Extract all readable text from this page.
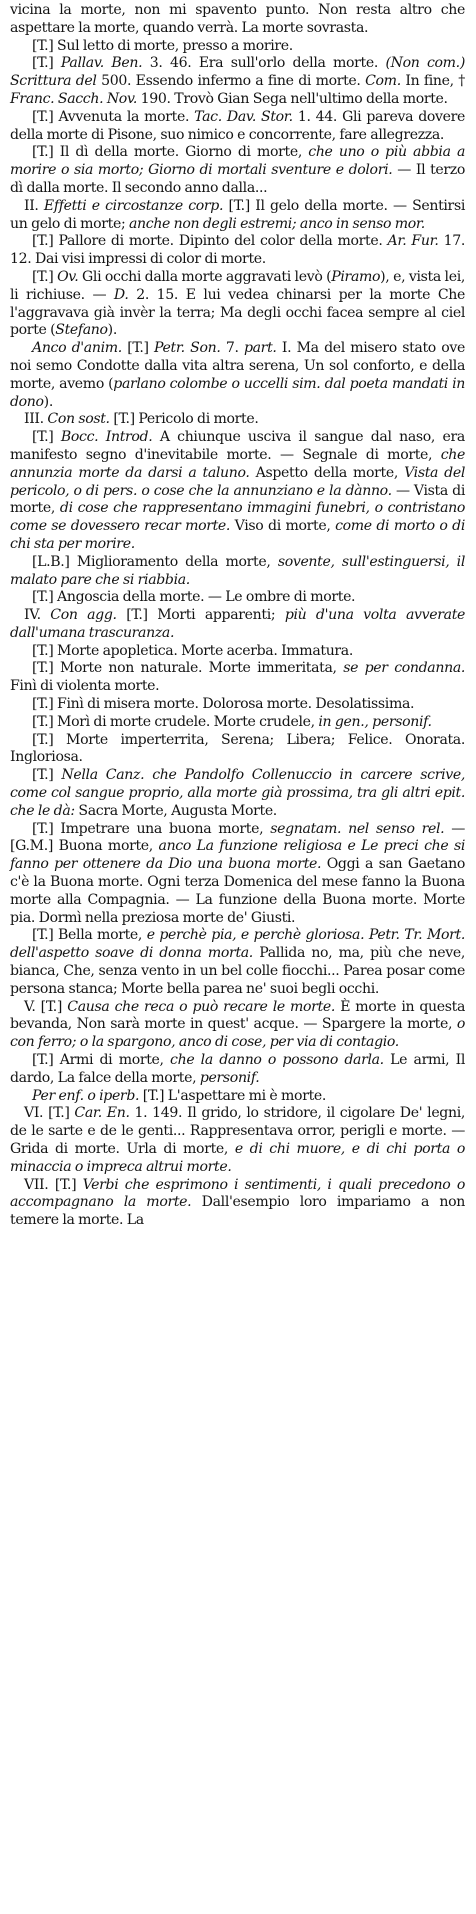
vicina la morte, non mi spavento punto. Non resta altro che aspettare la morte, quando verrà. La morte sovrasta.

[T.] Sul letto di morte, presso a morire.

[T.] Pallav. Ben. 3. 46. Era sull'orlo della morte. (Non com.) Scrittura del 500. Essendo infermo a fine di morte. Com. In fine, † Franc. Sacch. Nov. 190. Trovò Gian Sega nell'ultimo della morte.

[T.] Avvenuta la morte. Tac. Dav. Stor. 1. 44. Gli pareva dovere della morte di Pisone, suo nimico e concorrente, fare allegrezza.

[T.] Il dì della morte. Giorno di morte, che uno o più abbia a morire o sia morto; Giorno di mortali sventure e dolori. — Il terzo dì dalla morte. Il secondo anno dalla...

II. Effetti e circostanze corp. [T.] Il gelo della morte. — Sentirsi un gelo di morte; anche non degli estremi; anco in senso mor.

[T.] Pallore di morte. Dipinto del color della morte. Ar. Fur. 17. 12. Dai visi impressi di color di morte.

[T.] Ov. Gli occhi dalla morte aggravati levò (Piramo), e, vista lei, li richiuse. — D. 2. 15. E lui vedea chinarsi per la morte Che l'aggravava già invèr la terra; Ma degli occhi facea sempre al ciel porte (Stefano).

Anco d'anim. [T.] Petr. Son. 7. part. I. Ma del misero stato ove noi semo Condotte dalla vita altra serena, Un sol conforto, e della morte, avemo (parlano colombe o uccelli sim. dal poeta mandati in dono).

III. Con sost. [T.] Pericolo di morte.

[T.] Bocc. Introd. A chiunque usciva il sangue dal naso, era manifesto segno d'inevitabile morte. — Segnale di morte, che annunzia morte da darsi a taluno. Aspetto della morte, Vista del pericolo, o di pers. o cose che la annunziano e la dànno. — Vista di morte, di cose che rappresentano immagini funebri, o contristano come se dovessero recar morte. Viso di morte, come di morto o di chi sta per morire.

[L.B.] Miglioramento della morte, sovente, sull'estinguersi, il malato pare che si riabbia.

[T.] Angoscia della morte. — Le ombre di morte.

IV. Con agg. [T.] Morti apparenti; più d'una volta avverate dall'umana trascuranza.

[T.] Morte apopletica. Morte acerba. Immatura.

[T.] Morte non naturale. Morte immeritata, se per condanna. Finì di violenta morte.

[T.] Finì di misera morte. Dolorosa morte. Desolatissima.

[T.] Morì di morte crudele. Morte crudele, in gen., personif.

[T.] Morte imperterrita, Serena; Libera; Felice. Onorata. Ingloriosa.

[T.] Nella Canz. che Pandolfo Collenuccio in carcere scrive, come col sangue proprio, alla morte già prossima, tra gli altri epit. che le dà: Sacra Morte, Augusta Morte.

[T.] Impetrare una buona morte, segnatam. nel senso rel. — [G.M.] Buona morte, anco La funzione religiosa e Le preci che si fanno per ottenere da Dio una buona morte. Oggi a san Gaetano c'è la Buona morte. Ogni terza Domenica del mese fanno la Buona morte alla Compagnia. — La funzione della Buona morte. Morte pia. Dormì nella preziosa morte de' Giusti.

[T.] Bella morte, e perchè pia, e perchè gloriosa. Petr. Tr. Mort. dell'aspetto soave di donna morta. Pallida no, ma, più che neve, bianca, Che, senza vento in un bel colle fiocchi... Parea posar come persona stanca; Morte bella parea ne' suoi begli occhi.

V. [T.] Causa che reca o può recare le morte. È morte in questa bevanda, Non sarà morte in quest' acque. — Spargere la morte, o con ferro; o la spargono, anco di cose, per via di contagio.

[T.] Armi di morte, che la danno o possono darla. Le armi, Il dardo, La falce della morte, personif.

Per enf. o iperb. [T.] L'aspettare mi è morte.

VI. [T.] Car. En. 1. 149. Il grido, lo stridore, il cigolare De' legni, de le sarte e de le genti... Rappresentava orror, perigli e morte. — Grida di morte. Urla di morte, e di chi muore, e di chi porta o minaccia o impreca altrui morte.

VII. [T.] Verbi che esprimono i sentimenti, i quali precedono o accompagnano la morte. Dall'esempio loro impariamo a non temere la morte. La
